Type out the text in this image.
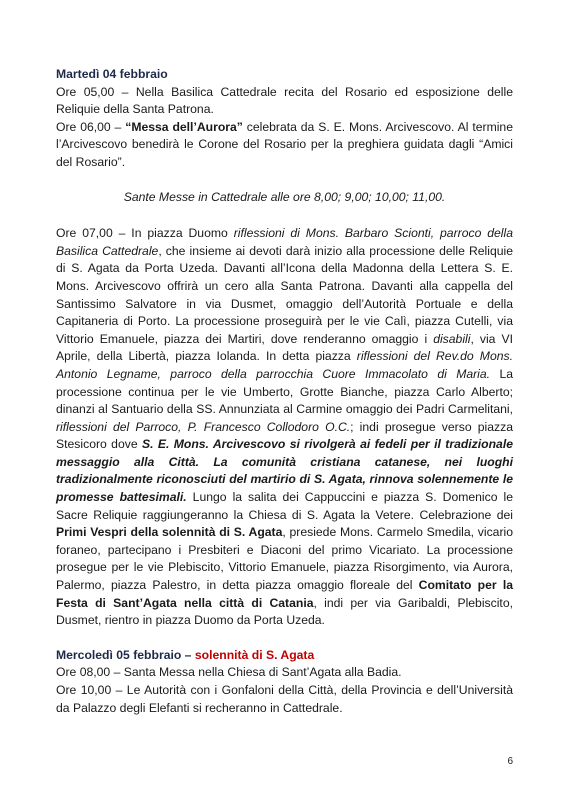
Martedì 04 febbraio

Ore 05,00 – Nella Basilica Cattedrale recita del Rosario ed esposizione delle Reliquie della Santa Patrona.

Ore 06,00 – “Messa dell’Aurora” celebrata da S. E. Mons. Arcivescovo. Al termine l’Arcivescovo benedirà le Corone del Rosario per la preghiera guidata dagli “Amici del Rosario”.

Sante Messe in Cattedrale alle ore 8,00; 9,00; 10,00; 11,00.

Ore 07,00 – In piazza Duomo riflessioni di Mons. Barbaro Scionti, parroco della Basilica Cattedrale, che insieme ai devoti darà inizio alla processione delle Reliquie di S. Agata da Porta Uzeda. Davanti all’Icona della Madonna della Lettera S. E. Mons. Arcivescovo offrirà un cero alla Santa Patrona. Davanti alla cappella del Santissimo Salvatore in via Dusmet, omaggio dell’Autorità Portuale e della Capitaneria di Porto. La processione proseguirà per le vie Calì, piazza Cutelli, via Vittorio Emanuele, piazza dei Martiri, dove renderanno omaggio i disabili, via VI Aprile, della Libertà, piazza Iolanda. In detta piazza riflessioni del Rev.do Mons. Antonio Legname, parroco della parrocchia Cuore Immacolato di Maria. La processione continua per le vie Umberto, Grotte Bianche, piazza Carlo Alberto; dinanzi al Santuario della SS. Annunziata al Carmine omaggio dei Padri Carmelitani, riflessioni del Parroco, P. Francesco Collodoro O.C.; indi prosegue verso piazza Stesicoro dove S. E. Mons. Arcivescovo si rivolgerà ai fedeli per il tradizionale messaggio alla Città. La comunità cristiana catanese, nei luoghi tradizionalmente riconosciuti del martirio di S. Agata, rinnova solennemente le promesse battesimali. Lungo la salita dei Cappuccini e piazza S. Domenico le Sacre Reliquie raggiungeranno la Chiesa di S. Agata la Vetere. Celebrazione dei Primi Vespri della solennità di S. Agata, presiede Mons. Carmelo Smedila, vicario foraneo, partecipano i Presbiteri e Diaconi del primo Vicariato. La processione prosegue per le vie Plebiscito, Vittorio Emanuele, piazza Risorgimento, via Aurora, Palermo, piazza Palestro, in detta piazza omaggio floreale del Comitato per la Festa di Sant’Agata nella città di Catania, indi per via Garibaldi, Plebiscito, Dusmet, rientro in piazza Duomo da Porta Uzeda.

Mercoledì 05 febbraio – solennità di S. Agata

Ore 08,00 – Santa Messa nella Chiesa di Sant’Agata alla Badia.

Ore 10,00 – Le Autorità con i Gonfaloni della Città, della Provincia e dell’Università da Palazzo degli Elefanti si recheranno in Cattedrale.

6
